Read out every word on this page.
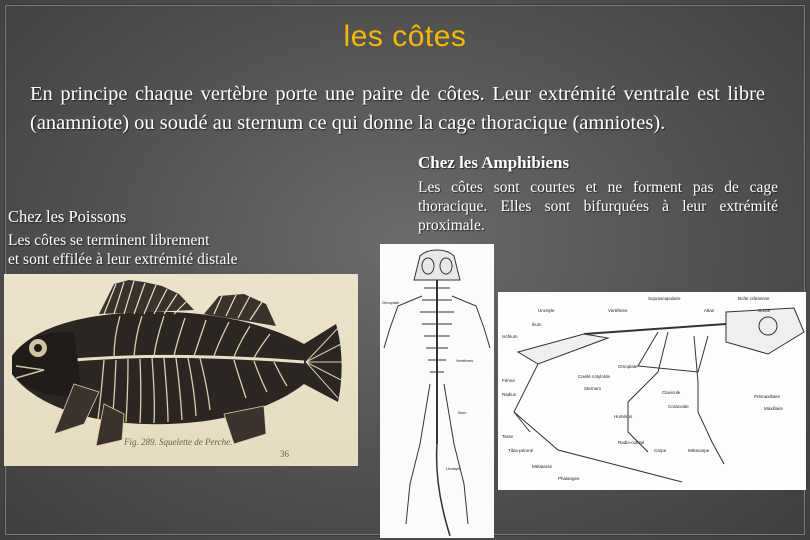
les côtes
En principe chaque vertèbre porte une paire de côtes. Leur extrémité ventrale est libre (anamniote) ou soudé au sternum ce qui donne la cage thoracique (amniotes).
Chez les Amphibiens
Les côtes sont courtes et ne forment pas de cage thoracique. Elles sont bifurquées à leur extrémité proximale.
Chez les Poissons
Les côtes se terminent librement
et sont effilée à leur extrémité distale
Fig. 289. Squelette de Perche.
36
Omoplate
Vertèbres
Ilium
Urostyle
Suprascapulaire	Boîte crânienne
Urostyle	Vertèbres	Atlas	Orbite
Ilium
Ischium
Cavité cotyloïde
Omoplate
Sternum
Clavicule
Fémur
Humérus
Coracoïde
Radius
Tibia-péroné
Tarse
Carpe	Métacarpe
Phalanges
Maxillaire
Radio-cubital
Métatarse
Prémaxillaire
